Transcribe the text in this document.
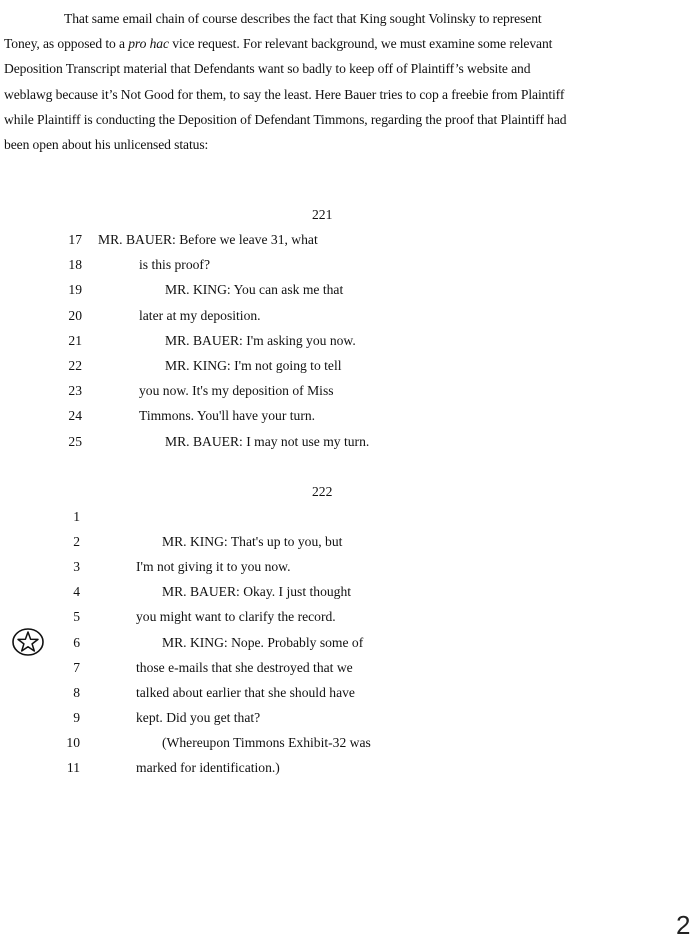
That same email chain of course describes the fact that King sought Volinsky to represent

Toney, as opposed to a pro hac vice request. For relevant background, we must examine some relevant

Deposition Transcript material that Defendants want so badly to keep off of Plaintiff’s website and

weblawg because it’s Not Good for them, to say the least. Here Bauer tries to cop a freebie from Plaintiff

while Plaintiff is conducting the Deposition of Defendant Timmons, regarding the proof that Plaintiff had

been open about his unlicensed status:

221
17 MR. BAUER: Before we leave 31, what
18	is this proof?
19	MR. KING: You can ask me that
20	later at my deposition.
21	MR. BAUER: I'm asking you now.
22	MR. KING: I'm not going to tell
23	you now. It's my deposition of Miss
24	Timmons. You'll have your turn.
25	MR. BAUER: I may not use my turn.
222
1
2	MR. KING: That's up to you, but
3	I'm not giving it to you now.
4	MR. BAUER: Okay. I just thought
5	you might want to clarify the record.
6	MR. KING: Nope. Probably some of
7	those e-mails that she destroyed that we
8	talked about earlier that she should have
9	kept. Did you get that?
10	(Whereupon Timmons Exhibit-32 was
11	marked for identification.)
2
